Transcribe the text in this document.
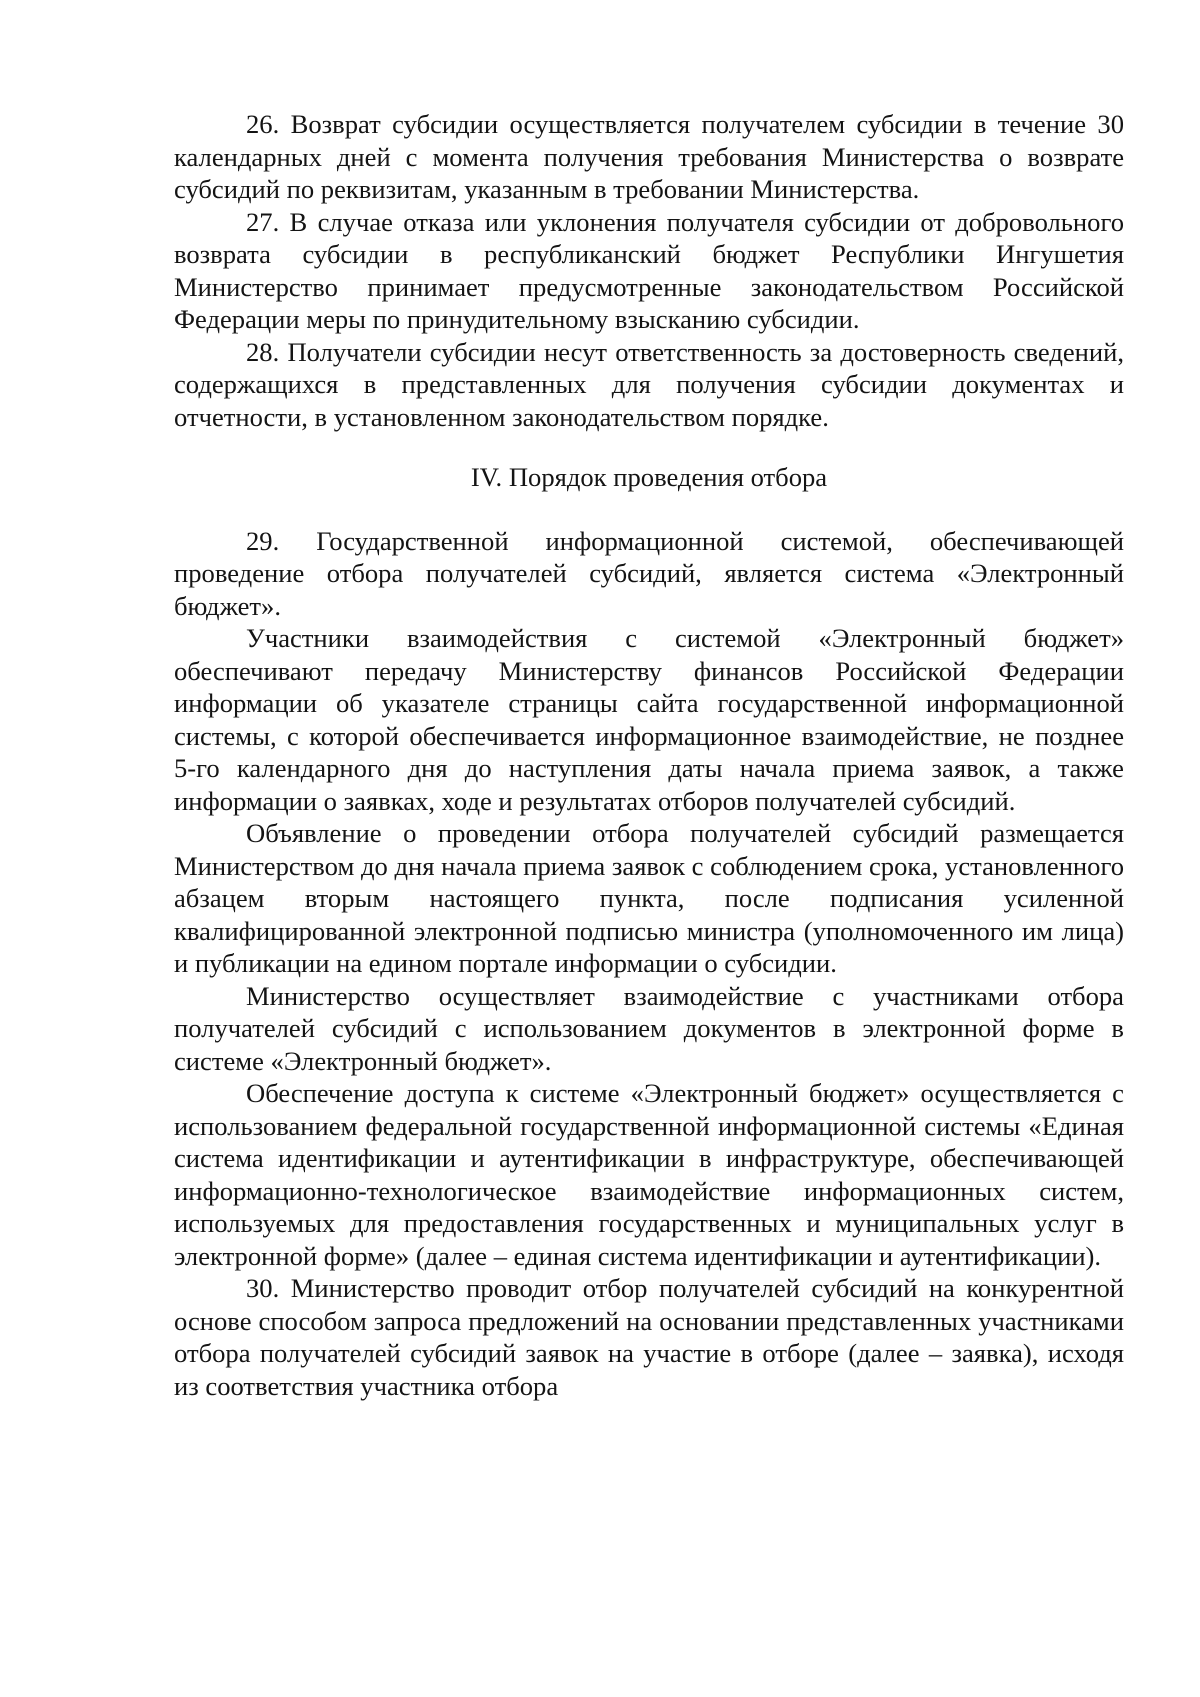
26. Возврат субсидии осуществляется получателем субсидии в течение 30 календарных дней с момента получения требования Министерства о возврате субсидий по реквизитам, указанным в требовании Министерства.

27. В случае отказа или уклонения получателя субсидии от добровольного возврата субсидии в республиканский бюджет Республики Ингушетия Министерство принимает предусмотренные законодательством Российской Федерации меры по принудительному взысканию субсидии.

28. Получатели субсидии несут ответственность за достоверность сведений, содержащихся в представленных для получения субсидии документах и отчетности, в установленном законодательством порядке.

IV. Порядок проведения отбора

29. Государственной информационной системой, обеспечивающей проведение отбора получателей субсидий, является система «Электронный бюджет».

Участники взаимодействия с системой «Электронный бюджет» обеспечивают передачу Министерству финансов Российской Федерации информации об указателе страницы сайта государственной информационной системы, с которой обеспечивается информационное взаимодействие, не позднее 5-го календарного дня до наступления даты начала приема заявок, а также информации о заявках, ходе и результатах отборов получателей субсидий.

Объявление о проведении отбора получателей субсидий размещается Министерством до дня начала приема заявок с соблюдением срока, установленного абзацем вторым настоящего пункта, после подписания усиленной квалифицированной электронной подписью министра (уполномоченного им лица) и публикации на едином портале информации о субсидии.

Министерство осуществляет взаимодействие с участниками отбора получателей субсидий с использованием документов в электронной форме в системе «Электронный бюджет».

Обеспечение доступа к системе «Электронный бюджет» осуществляется с использованием федеральной государственной информационной системы «Единая система идентификации и аутентификации в инфраструктуре, обеспечивающей информационно-технологическое взаимодействие информационных систем, используемых для предоставления государственных и муниципальных услуг в электронной форме» (далее – единая система идентификации и аутентификации).

30. Министерство проводит отбор получателей субсидий на конкурентной основе способом запроса предложений на основании представленных участниками отбора получателей субсидий заявок на участие в отборе (далее – заявка), исходя из соответствия участника отбора
